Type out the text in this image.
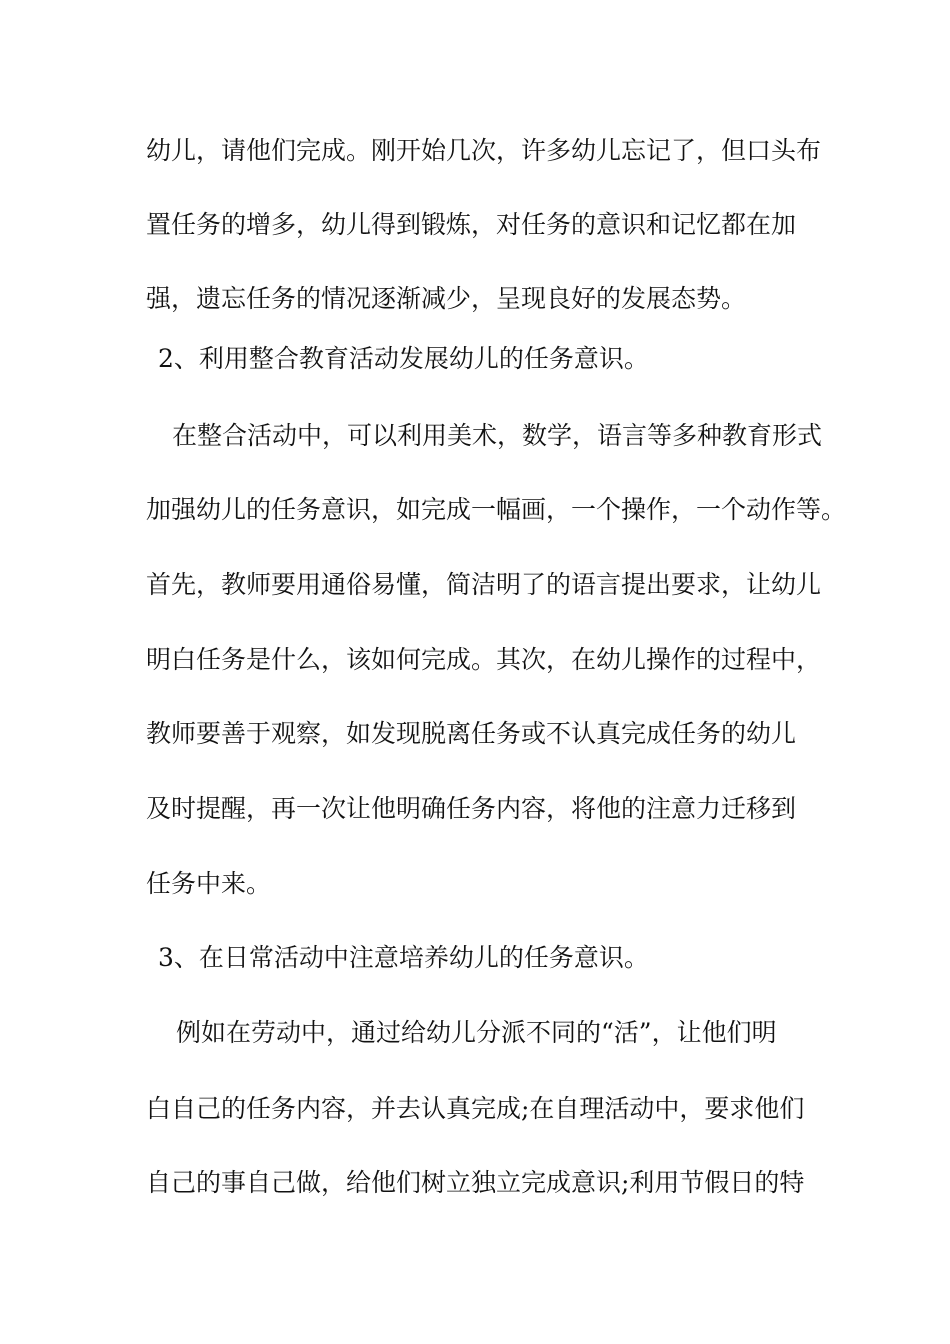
幼儿，请他们完成。刚开始几次，许多幼儿忘记了，但口头布
置任务的增多，幼儿得到锻炼，对任务的意识和记忆都在加
强，遗忘任务的情况逐渐减少，呈现良好的发展态势。
2、利用整合教育活动发展幼儿的任务意识。
在整合活动中，可以利用美术，数学，语言等多种教育形式
加强幼儿的任务意识，如完成一幅画，一个操作，一个动作等。
首先，教师要用通俗易懂，简洁明了的语言提出要求，让幼儿
明白任务是什么，该如何完成。其次，在幼儿操作的过程中，
教师要善于观察，如发现脱离任务或不认真完成任务的幼儿
及时提醒，再一次让他明确任务内容，将他的注意力迁移到
任务中来。
3、在日常活动中注意培养幼儿的任务意识。
例如在劳动中，通过给幼儿分派不同的“活”，让他们明
白自己的任务内容，并去认真完成;在自理活动中，要求他们
自己的事自己做，给他们树立独立完成意识;利用节假日的特
